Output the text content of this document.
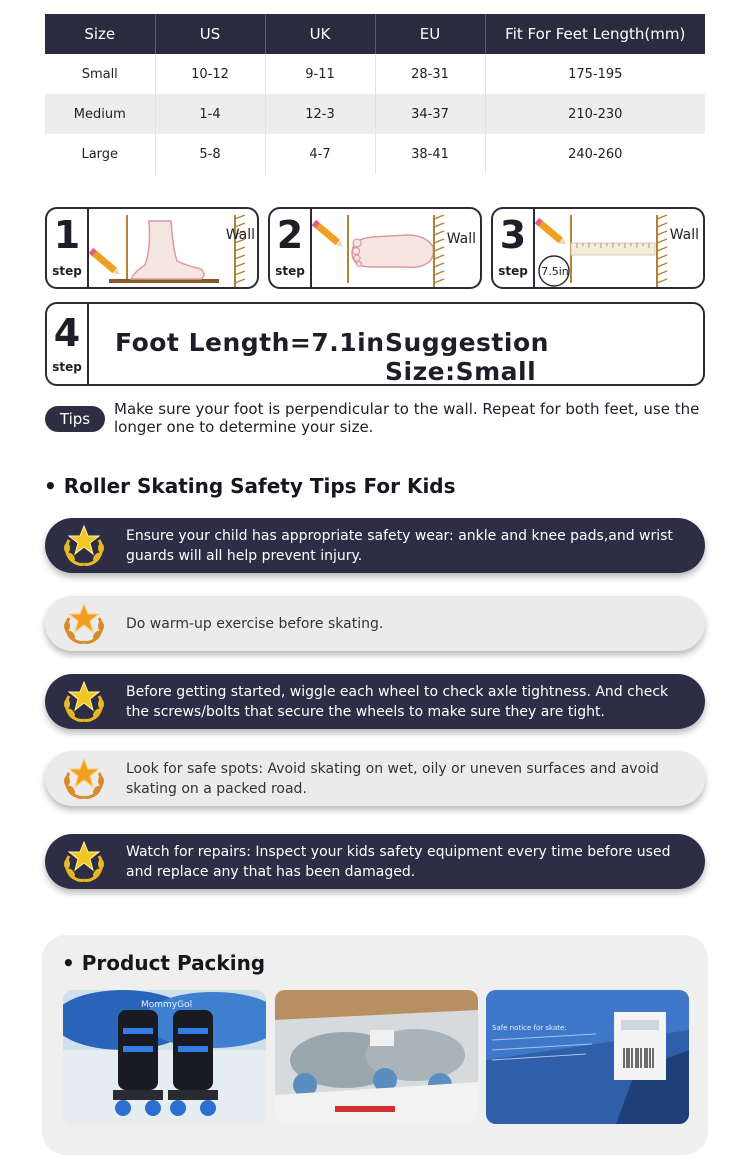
Size	US	UK	EU	Fit For Feet Length(mm)
Small	10-12	9-11	28-31	175-195
Medium	1-4	12-3	34-37	210-230
Large	5-8	4-7	38-41	240-260
1
step
Wall 2
step
Wall 3
step	7.5in
Wall
4
step
Foot Length=7.1in Suggestion Size:Small
Tips
Make sure your foot is perpendicular to the wall. Repeat for both feet, use the longer one to determine your size.
• Roller Skating Safety Tips For Kids
Ensure your child has appropriate safety wear: ankle and knee pads,and wrist guards will all help prevent injury.
Do warm-up exercise before skating.
Before getting started, wiggle each wheel to check axle tightness. And check the screws/bolts that secure the wheels to make sure they are tight.
Look for safe spots: Avoid skating on wet, oily or uneven surfaces and avoid skating on a packed road.
Watch for repairs: Inspect your kids safety equipment every time before used and replace any that has been damaged.
• Product Packing
MommyGol
Safe notice for skate:
